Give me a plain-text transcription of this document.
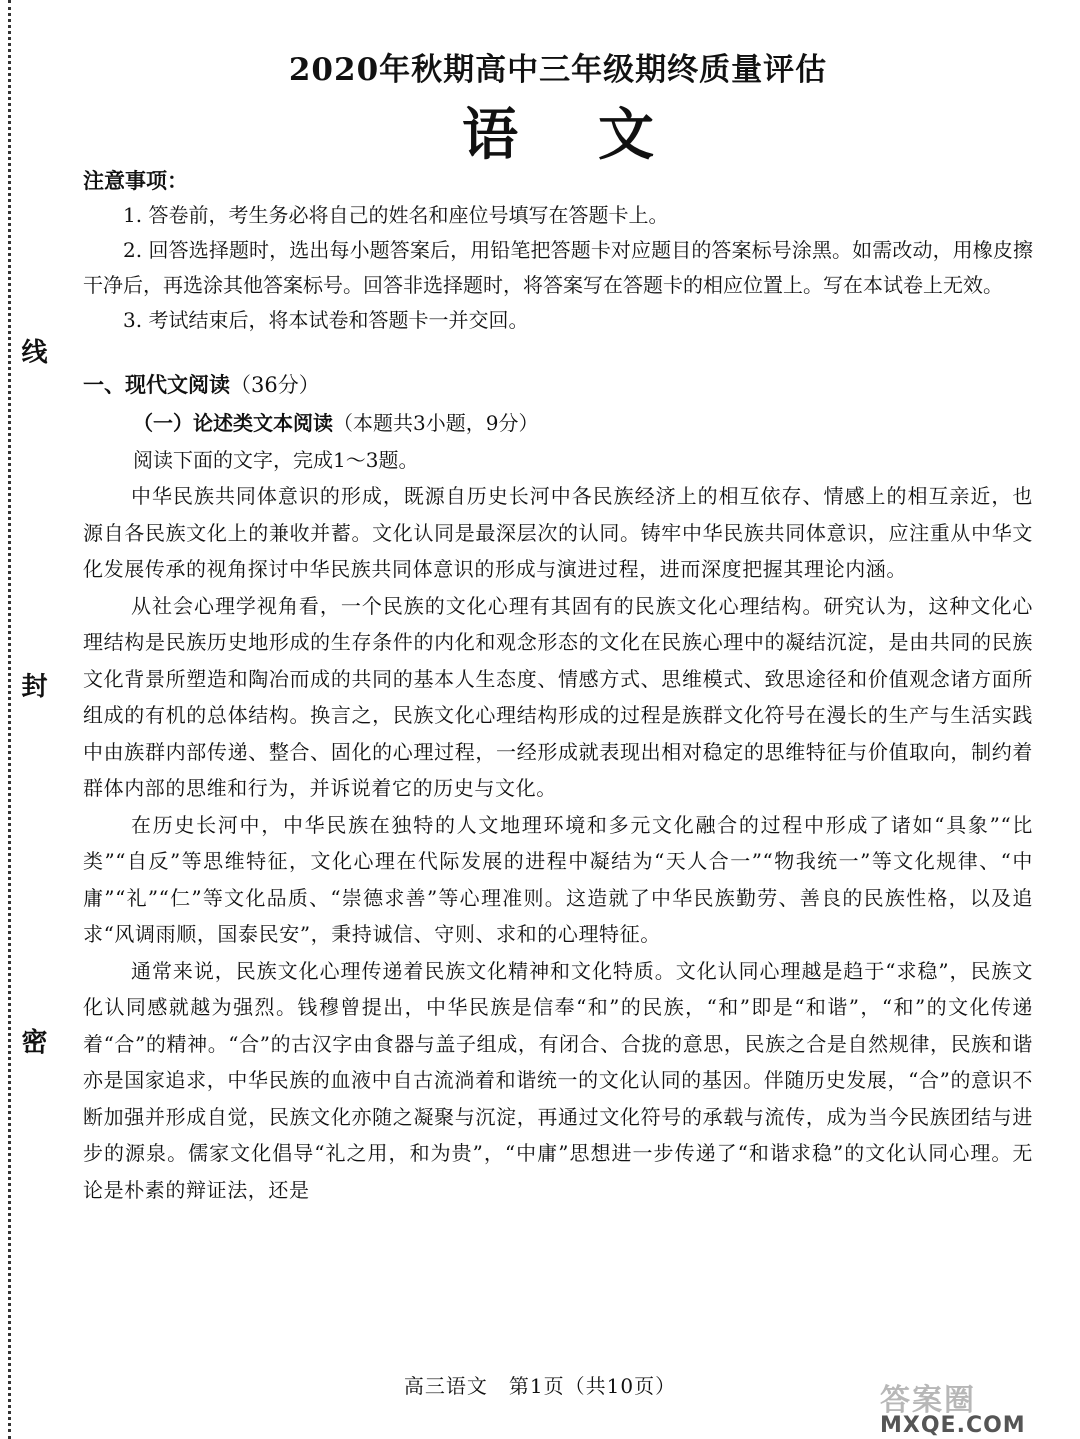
线
封
密
2020年秋期高中三年级期终质量评估
语文
注意事项：
1. 答卷前，考生务必将自己的姓名和座位号填写在答题卡上。
2. 回答选择题时，选出每小题答案后，用铅笔把答题卡对应题目的答案标号涂黑。如需改动，用橡皮擦干净后，再选涂其他答案标号。回答非选择题时，将答案写在答题卡的相应位置上。写在本试卷上无效。
3. 考试结束后，将本试卷和答题卡一并交回。
一、现代文阅读（36分）
（一）论述类文本阅读（本题共3小题，9分）
阅读下面的文字，完成1～3题。

中华民族共同体意识的形成，既源自历史长河中各民族经济上的相互依存、情感上的相互亲近，也源自各民族文化上的兼收并蓄。文化认同是最深层次的认同。铸牢中华民族共同体意识，应注重从中华文化发展传承的视角探讨中华民族共同体意识的形成与演进过程，进而深度把握其理论内涵。

从社会心理学视角看，一个民族的文化心理有其固有的民族文化心理结构。研究认为，这种文化心理结构是民族历史地形成的生存条件的内化和观念形态的文化在民族心理中的凝结沉淀，是由共同的民族文化背景所塑造和陶冶而成的共同的基本人生态度、情感方式、思维模式、致思途径和价值观念诸方面所组成的有机的总体结构。换言之，民族文化心理结构形成的过程是族群文化符号在漫长的生产与生活实践中由族群内部传递、整合、固化的心理过程，一经形成就表现出相对稳定的思维特征与价值取向，制约着群体内部的思维和行为，并诉说着它的历史与文化。

在历史长河中，中华民族在独特的人文地理环境和多元文化融合的过程中形成了诸如“具象”“比类”“自反”等思维特征，文化心理在代际发展的进程中凝结为“天人合一”“物我统一”等文化规律、“中庸”“礼”“仁”等文化品质、“崇德求善”等心理准则。这造就了中华民族勤劳、善良的民族性格，以及追求“风调雨顺，国泰民安”，秉持诚信、守则、求和的心理特征。

通常来说，民族文化心理传递着民族文化精神和文化特质。文化认同心理越是趋于“求稳”，民族文化认同感就越为强烈。钱穆曾提出，中华民族是信奉“和”的民族，“和”即是“和谐”，“和”的文化传递着“合”的精神。“合”的古汉字由食器与盖子组成，有闭合、合拢的意思，民族之合是自然规律，民族和谐亦是国家追求，中华民族的血液中自古流淌着和谐统一的文化认同的基因。伴随历史发展，“合”的意识不断加强并形成自觉，民族文化亦随之凝聚与沉淀，再通过文化符号的承载与流传，成为当今民族团结与进步的源泉。儒家文化倡导“礼之用，和为贵”，“中庸”思想进一步传递了“和谐求稳”的文化认同心理。无论是朴素的辩证法，还是

高三语文　第1页（共10页）	答案圈
MXQE.COM
